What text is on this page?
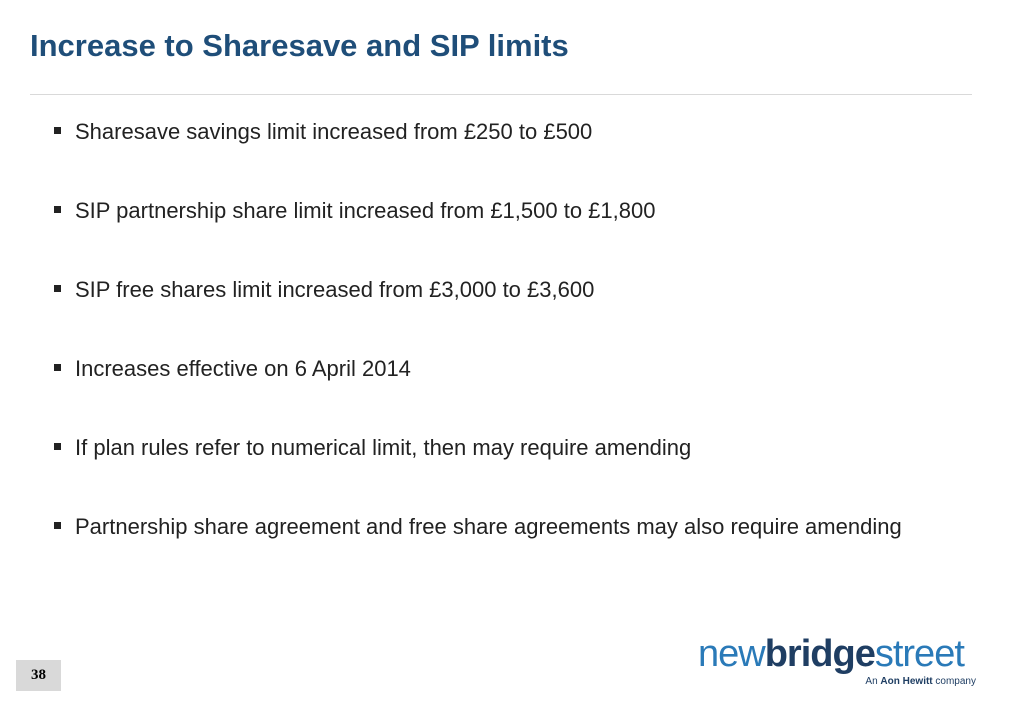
Increase to Sharesave and SIP limits
Sharesave savings limit increased from £250 to £500
SIP partnership share limit increased from £1,500 to £1,800
SIP free shares limit increased from £3,000 to £3,600
Increases effective on 6 April 2014
If plan rules refer to numerical limit, then may require amending
Partnership share agreement and free share agreements may also require amending
38	newbridgestreet
An Aon Hewitt company
